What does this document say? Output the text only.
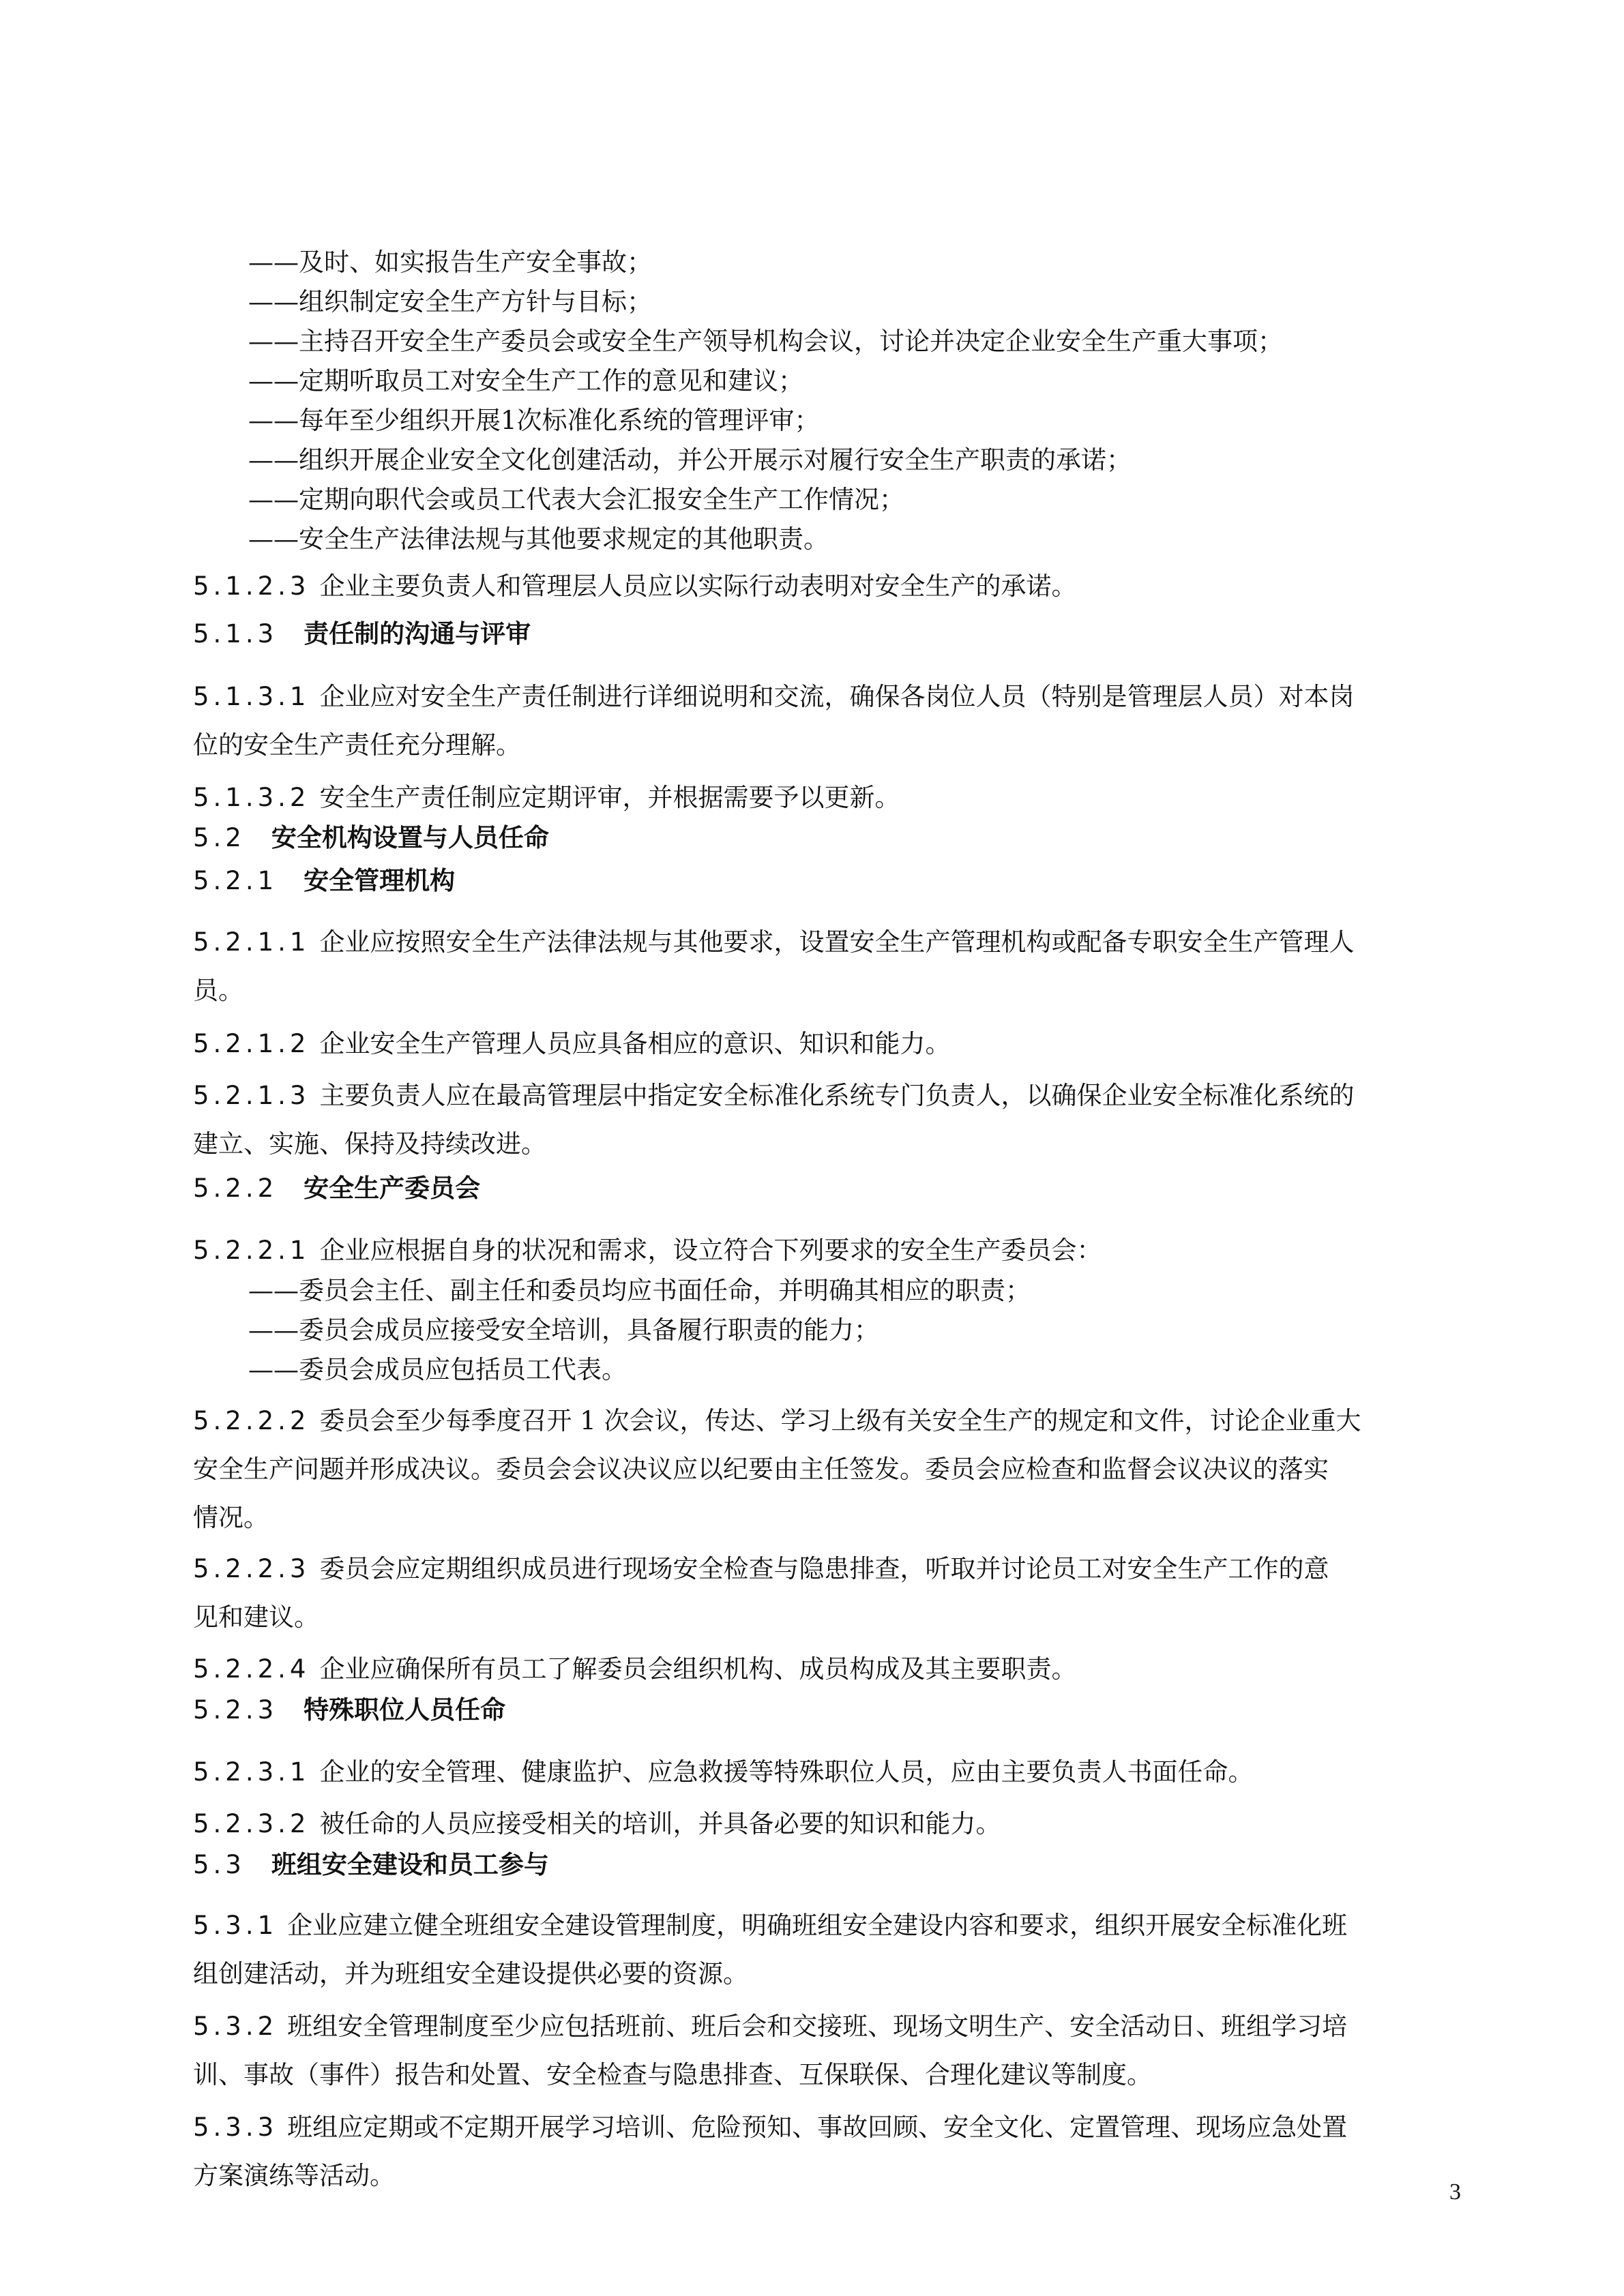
——及时、如实报告生产安全事故；
——组织制定安全生产方针与目标；
——主持召开安全生产委员会或安全生产领导机构会议，讨论并决定企业安全生产重大事项；
——定期听取员工对安全生产工作的意见和建议；
——每年至少组织开展1次标准化系统的管理评审；
——组织开展企业安全文化创建活动，并公开展示对履行安全生产职责的承诺；
——定期向职代会或员工代表大会汇报安全生产工作情况；
——安全生产法律法规与其他要求规定的其他职责。
5.1.2.3 企业主要负责人和管理层人员应以实际行动表明对安全生产的承诺。
5.1.3 责任制的沟通与评审
5.1.3.1 企业应对安全生产责任制进行详细说明和交流，确保各岗位人员（特别是管理层人员）对本岗
位的安全生产责任充分理解。
5.1.3.2 安全生产责任制应定期评审，并根据需要予以更新。
5.2 安全机构设置与人员任命
5.2.1 安全管理机构
5.2.1.1 企业应按照安全生产法律法规与其他要求，设置安全生产管理机构或配备专职安全生产管理人
员。
5.2.1.2 企业安全生产管理人员应具备相应的意识、知识和能力。
5.2.1.3 主要负责人应在最高管理层中指定安全标准化系统专门负责人，以确保企业安全标准化系统的
建立、实施、保持及持续改进。
5.2.2 安全生产委员会
5.2.2.1 企业应根据自身的状况和需求，设立符合下列要求的安全生产委员会：
——委员会主任、副主任和委员均应书面任命，并明确其相应的职责；
——委员会成员应接受安全培训，具备履行职责的能力；
——委员会成员应包括员工代表。
5.2.2.2 委员会至少每季度召开 1 次会议，传达、学习上级有关安全生产的规定和文件，讨论企业重大
安全生产问题并形成决议。委员会会议决议应以纪要由主任签发。委员会应检查和监督会议决议的落实
情况。
5.2.2.3 委员会应定期组织成员进行现场安全检查与隐患排查，听取并讨论员工对安全生产工作的意
见和建议。
5.2.2.4 企业应确保所有员工了解委员会组织机构、成员构成及其主要职责。
5.2.3 特殊职位人员任命
5.2.3.1 企业的安全管理、健康监护、应急救援等特殊职位人员，应由主要负责人书面任命。
5.2.3.2 被任命的人员应接受相关的培训，并具备必要的知识和能力。
5.3 班组安全建设和员工参与
5.3.1 企业应建立健全班组安全建设管理制度，明确班组安全建设内容和要求，组织开展安全标准化班
组创建活动，并为班组安全建设提供必要的资源。
5.3.2 班组安全管理制度至少应包括班前、班后会和交接班、现场文明生产、安全活动日、班组学习培
训、事故（事件）报告和处置、安全检查与隐患排查、互保联保、合理化建议等制度。
5.3.3 班组应定期或不定期开展学习培训、危险预知、事故回顾、安全文化、定置管理、现场应急处置
方案演练等活动。
3
